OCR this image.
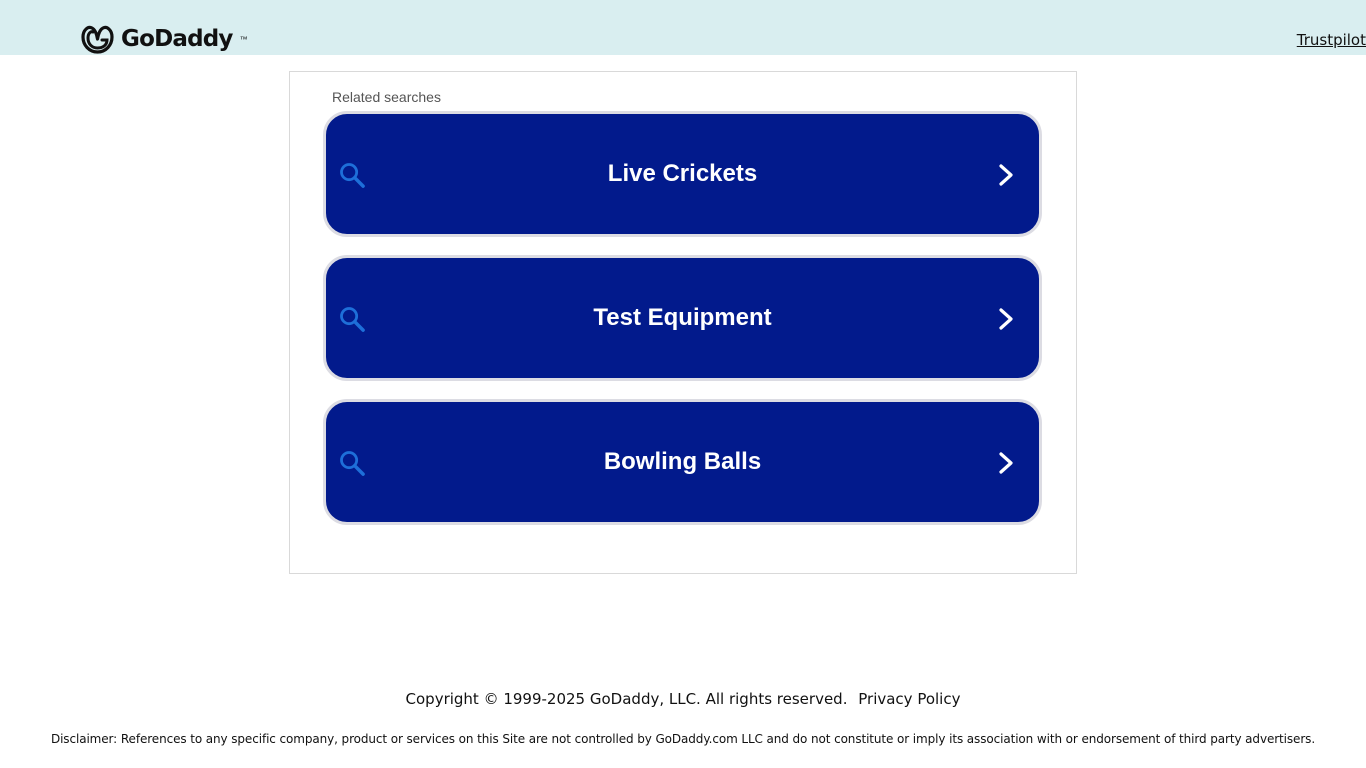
GoDaddy ™	Trustpilot
Related searches
Live Crickets
Test Equipment
Bowling Balls
Copyright © 1999-2025 GoDaddy, LLC. All rights reserved. Privacy Policy
Disclaimer: References to any specific company, product or services on this Site are not controlled by GoDaddy.com LLC and do not constitute or imply its association with or endorsement of third party advertisers.
